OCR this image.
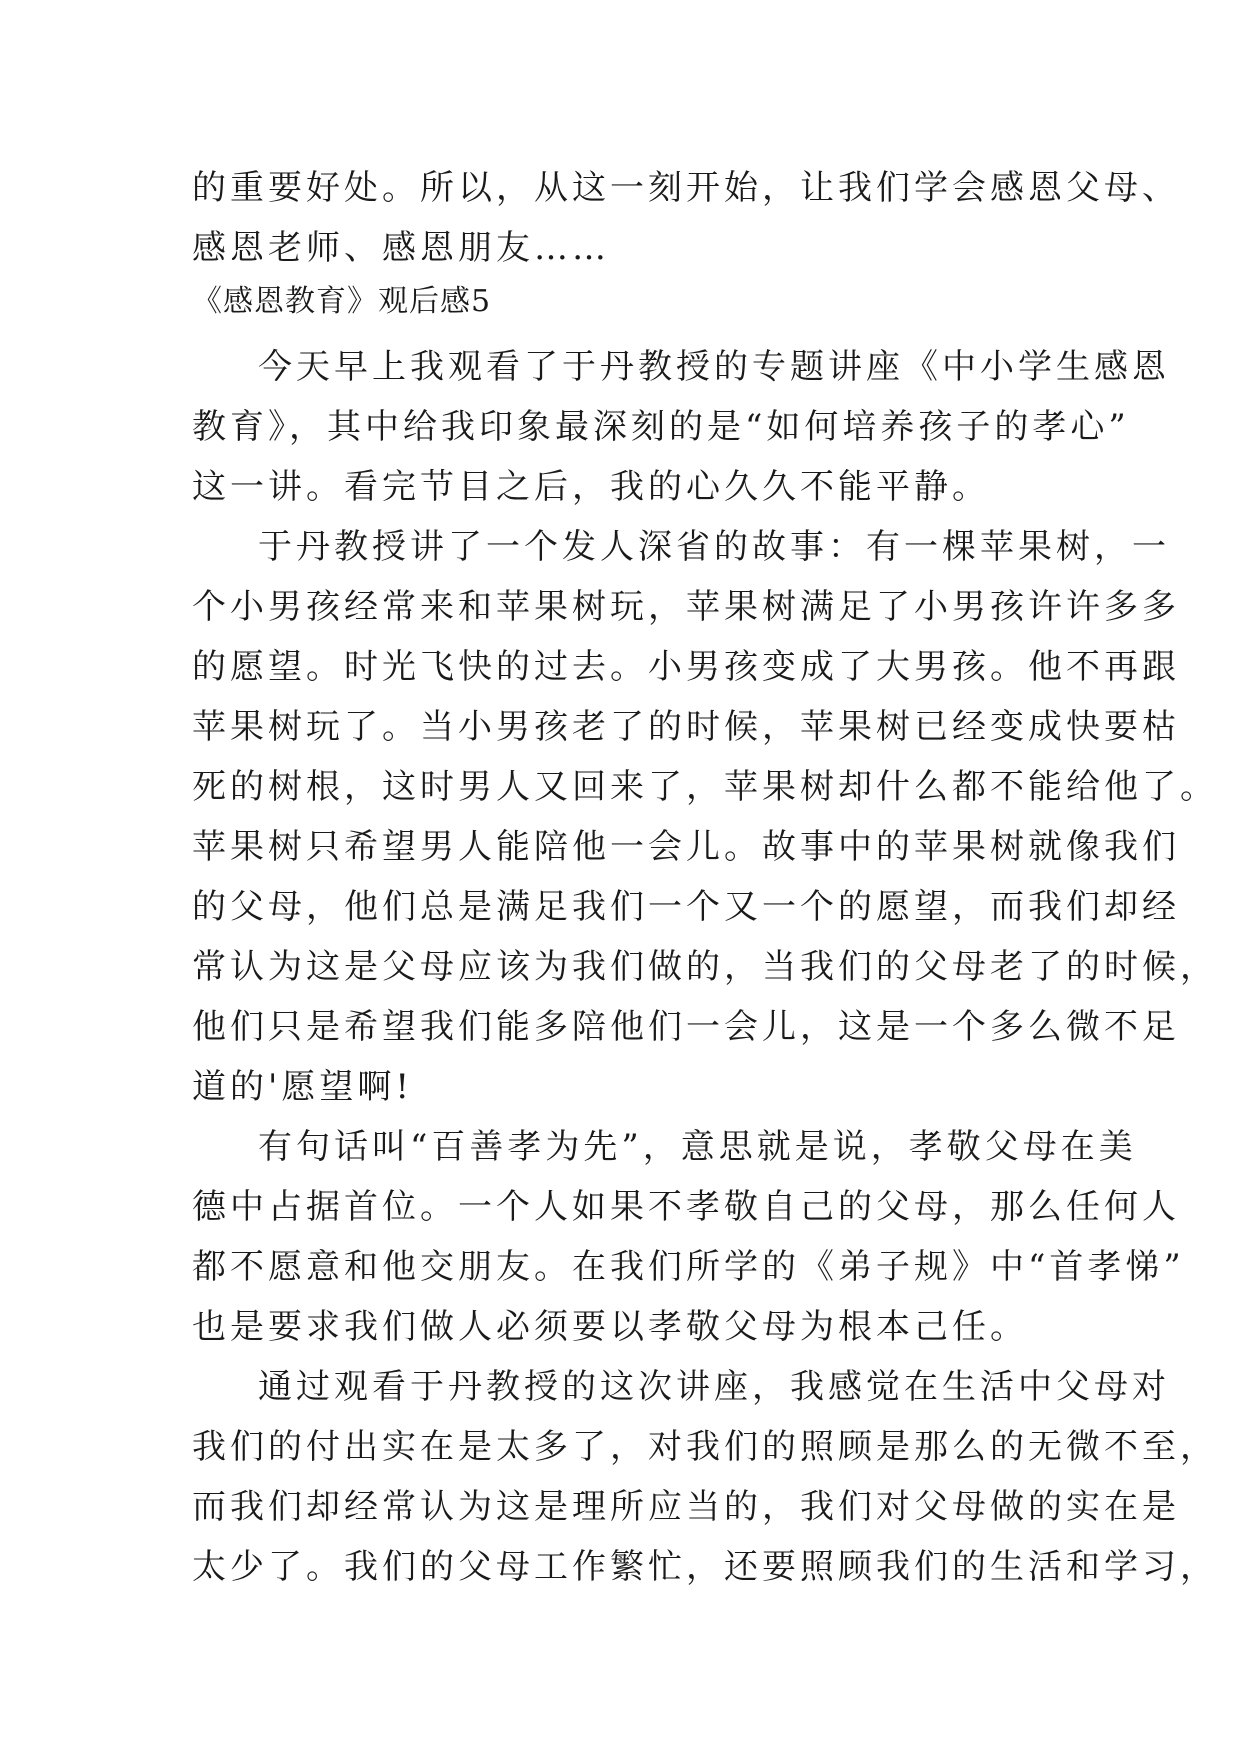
的重要好处。所以，从这一刻开始，让我们学会感恩父母、
感恩老师、感恩朋友……
《感恩教育》观后感5
今天早上我观看了于丹教授的专题讲座《中小学生感恩
教育》，其中给我印象最深刻的是“如何培养孩子的孝心”
这一讲。看完节目之后，我的心久久不能平静。
于丹教授讲了一个发人深省的故事：有一棵苹果树，一
个小男孩经常来和苹果树玩，苹果树满足了小男孩许许多多
的愿望。时光飞快的过去。小男孩变成了大男孩。他不再跟
苹果树玩了。当小男孩老了的时候，苹果树已经变成快要枯
死的树根，这时男人又回来了，苹果树却什么都不能给他了。
苹果树只希望男人能陪他一会儿。故事中的苹果树就像我们
的父母，他们总是满足我们一个又一个的愿望，而我们却经
常认为这是父母应该为我们做的，当我们的父母老了的时候，
他们只是希望我们能多陪他们一会儿，这是一个多么微不足
道的'愿望啊!
有句话叫“百善孝为先”，意思就是说，孝敬父母在美
德中占据首位。一个人如果不孝敬自己的父母，那么任何人
都不愿意和他交朋友。在我们所学的《弟子规》中“首孝悌”
也是要求我们做人必须要以孝敬父母为根本己任。
通过观看于丹教授的这次讲座，我感觉在生活中父母对
我们的付出实在是太多了，对我们的照顾是那么的无微不至，
而我们却经常认为这是理所应当的，我们对父母做的实在是
太少了。我们的父母工作繁忙，还要照顾我们的生活和学习，
